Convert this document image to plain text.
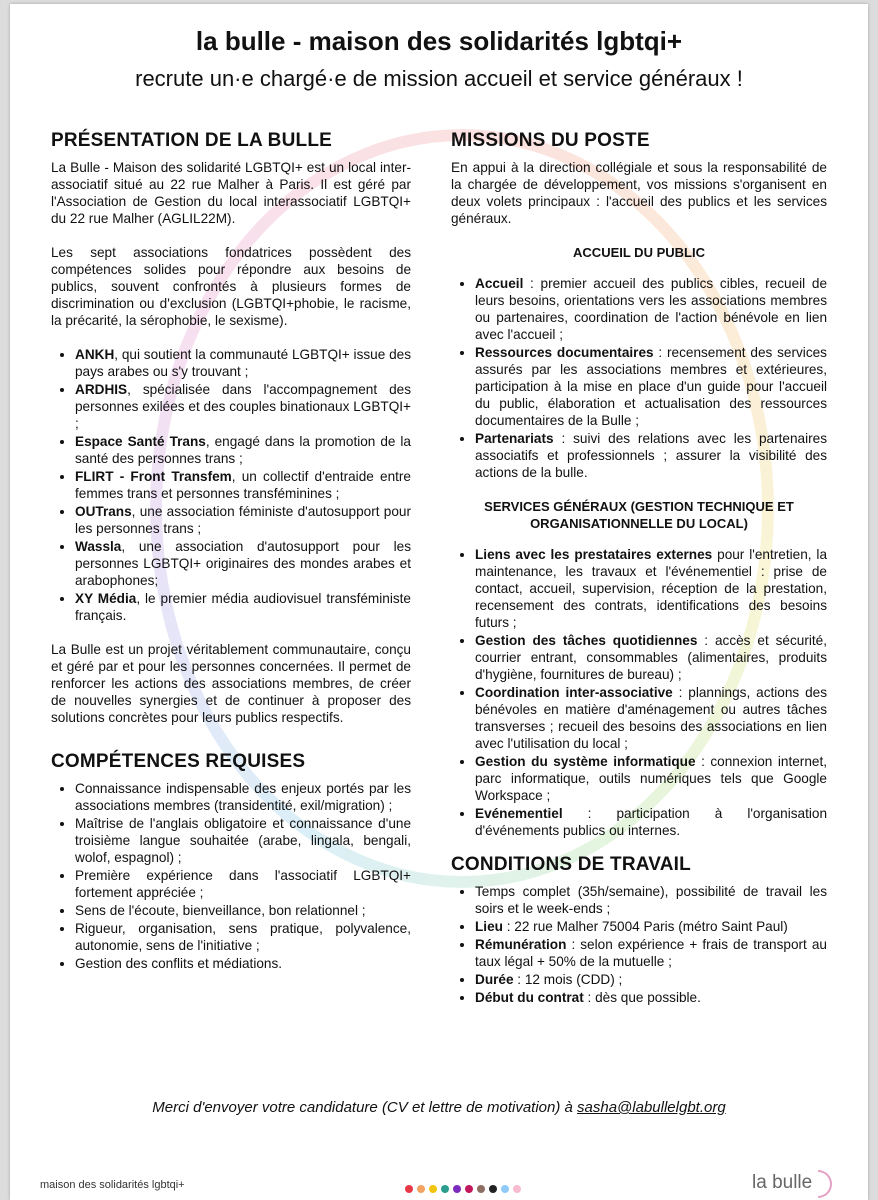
la bulle - maison des solidarités lgbtqi+
recrute un·e chargé·e de mission accueil et service généraux !
PRÉSENTATION DE LA BULLE

La Bulle - Maison des solidarité LGBTQI+ est un local inter-associatif situé au 22 rue Malher à Paris. Il est géré par l'Association de Gestion du local interassociatif LGBTQI+ du 22 rue Malher (AGLIL22M).

Les sept associations fondatrices possèdent des compétences solides pour répondre aux besoins de publics, souvent confrontés à plusieurs formes de discrimination ou d'exclusion (LGBTQI+phobie, le racisme, la précarité, la sérophobie, le sexisme).

• ANKH, qui soutient la communauté LGBTQI+ issue des pays arabes ou s'y trouvant ;
• ARDHIS, spécialisée dans l'accompagnement des personnes exilées et des couples binationaux LGBTQI+ ;
• Espace Santé Trans, engagé dans la promotion de la santé des personnes trans ;
• FLIRT - Front Transfem, un collectif d'entraide entre femmes trans et personnes transféminines ;
• OUTrans, une association féministe d'autosupport pour les personnes trans ;
• Wassla, une association d'autosupport pour les personnes LGBTQI+ originaires des mondes arabes et arabophones;
• XY Média, le premier média audiovisuel transféministe français.

La Bulle est un projet véritablement communautaire, conçu et géré par et pour les personnes concernées. Il permet de renforcer les actions des associations membres, de créer de nouvelles synergies et de continuer à proposer des solutions concrètes pour leurs publics respectifs.

COMPÉTENCES REQUISES
• Connaissance indispensable des enjeux portés par les associations membres (transidentité, exil/migration) ;
• Maîtrise de l'anglais obligatoire et connaissance d'une troisième langue souhaitée (arabe, lingala, bengali, wolof, espagnol) ;
• Première expérience dans l'associatif LGBTQI+ fortement appréciée ;
• Sens de l'écoute, bienveillance, bon relationnel ;
• Rigueur, organisation, sens pratique, polyvalence, autonomie, sens de l'initiative ;
• Gestion des conflits et médiations.
MISSIONS DU POSTE

En appui à la direction collégiale et sous la responsabilité de la chargée de développement, vos missions s'organisent en deux volets principaux : l'accueil des publics et les services généraux.

ACCUEIL DU PUBLIC
• Accueil : premier accueil des publics cibles, recueil de leurs besoins, orientations vers les associations membres ou partenaires, coordination de l'action bénévole en lien avec l'accueil ;
• Ressources documentaires : recensement des services assurés par les associations membres et extérieures, participation à la mise en place d'un guide pour l'accueil du public, élaboration et actualisation des ressources documentaires de la Bulle ;
• Partenariats : suivi des relations avec les partenaires associatifs et professionnels ; assurer la visibilité des actions de la bulle.
SERVICES GÉNÉRAUX (GESTION TECHNIQUE ET ORGANISATIONNELLE DU LOCAL)
• Liens avec les prestataires externes pour l'entretien, la maintenance, les travaux et l'événementiel : prise de contact, accueil, supervision, réception de la prestation, recensement des contrats, identifications des besoins futurs ;
• Gestion des tâches quotidiennes : accès et sécurité, courrier entrant, consommables (alimentaires, produits d'hygiène, fournitures de bureau) ;
• Coordination inter-associative : plannings, actions des bénévoles en matière d'aménagement ou autres tâches transverses ; recueil des besoins des associations en lien avec l'utilisation du local ;
• Gestion du système informatique : connexion internet, parc informatique, outils numériques tels que Google Workspace ;
• Evénementiel : participation à l'organisation d'événements publics ou internes.
CONDITIONS DE TRAVAIL
• Temps complet (35h/semaine), possibilité de travail les soirs et le week-ends ;
• Lieu : 22 rue Malher 75004 Paris (métro Saint Paul)
• Rémunération : selon expérience + frais de transport au taux légal + 50% de la mutuelle ;
• Durée : 12 mois (CDD) ;
• Début du contrat : dès que possible.
Merci d'envoyer votre candidature (CV et lettre de motivation) à sasha@labullelgbt.org
maison des solidarités lgbtqi+	la bulle
